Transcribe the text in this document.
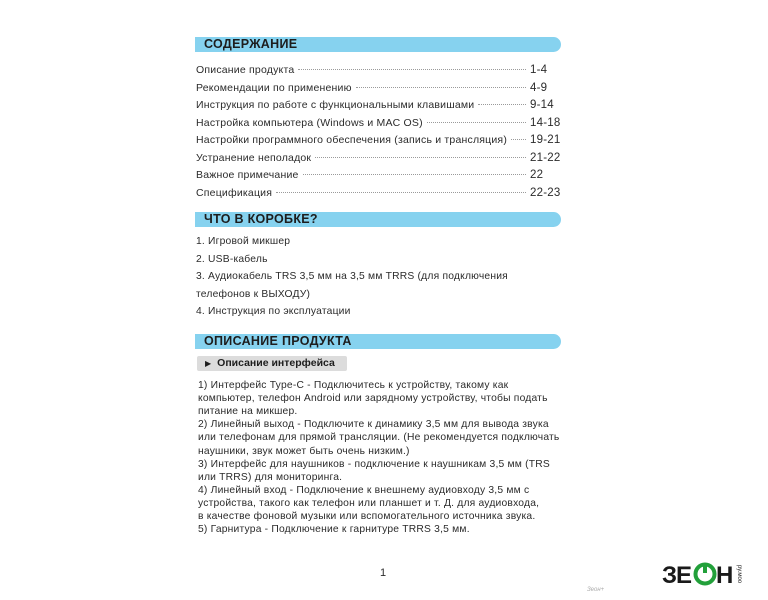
СОДЕРЖАНИЕ
Описание продукта	1-4
Рекомендации по применению	4-9
Инструкция по работе с функциональными клавишами	9-14
Настройка компьютера (Windows и MAC OS)	14-18
Настройки программного обеспечения (запись и трансляция) 19-21
Устранение неполадок	21-22
Важное примечание	22
Спецификация	22-23
ЧТО В КОРОБКЕ?
1. Игровой микшер
2. USB-кабель
3. Аудиокабель TRS 3,5 мм на 3,5 мм TRRS (для подключения
телефонов к ВЫХОДУ)
4. Инструкция по эксплуатации
ОПИСАНИЕ ПРОДУКТА
▶ Описание интерфейса
1) Интерфейс Type-C - Подключитесь к устройству, такому как
компьютер, телефон Android или зарядному устройству, чтобы подать
питание на микшер.
2) Линейный выход - Подключите к динамику 3,5 мм для вывода звука
или телефонам для прямой трансляции. (Не рекомендуется подключать
наушники, звук может быть очень низким.)
3) Интерфейс для наушников - подключение к наушникам 3,5 мм (TRS
или TRRS) для мониторинга.
4) Линейный вход - Подключение к внешнему аудиовходу 3,5 мм с
устройства, такого как телефон или планшет и т. Д. для аудиовхода,
в качестве фоновой музыки или вспомогательного источника звука.
5) Гарнитура - Подключение к гарнитуре TRRS 3,5 мм.
1
Зеон+
ЗЕ Н ру.моо
